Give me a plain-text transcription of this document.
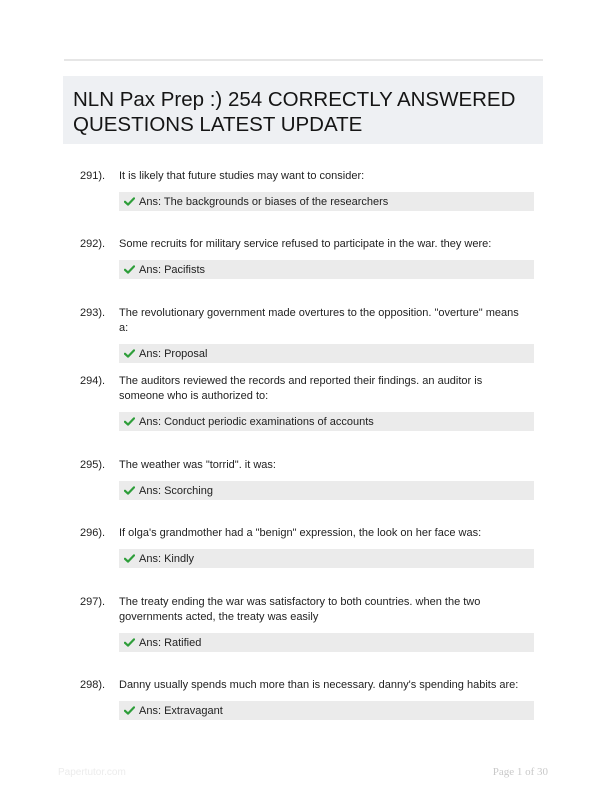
NLN Pax Prep :) 254 CORRECTLY ANSWERED QUESTIONS LATEST UPDATE
291).	It is likely that future studies may want to consider:
Ans: The backgrounds or biases of the researchers
292).	Some recruits for military service refused to participate in the war. they were:
Ans: Pacifists
293).	The revolutionary government made overtures to the opposition. "overture" means a:
Ans: Proposal
294).	The auditors reviewed the records and reported their findings. an auditor is someone who is authorized to:
Ans: Conduct periodic examinations of accounts
295).	The weather was "torrid". it was:
Ans: Scorching
296).	If olga's grandmother had a "benign" expression, the look on her face was:
Ans: Kindly
297).	The treaty ending the war was satisfactory to both countries. when the two governments acted, the treaty was easily
Ans: Ratified
298).	Danny usually spends much more than is necessary. danny's spending habits are:
Ans: Extravagant
Papertutor.com	Page 1 of 30
